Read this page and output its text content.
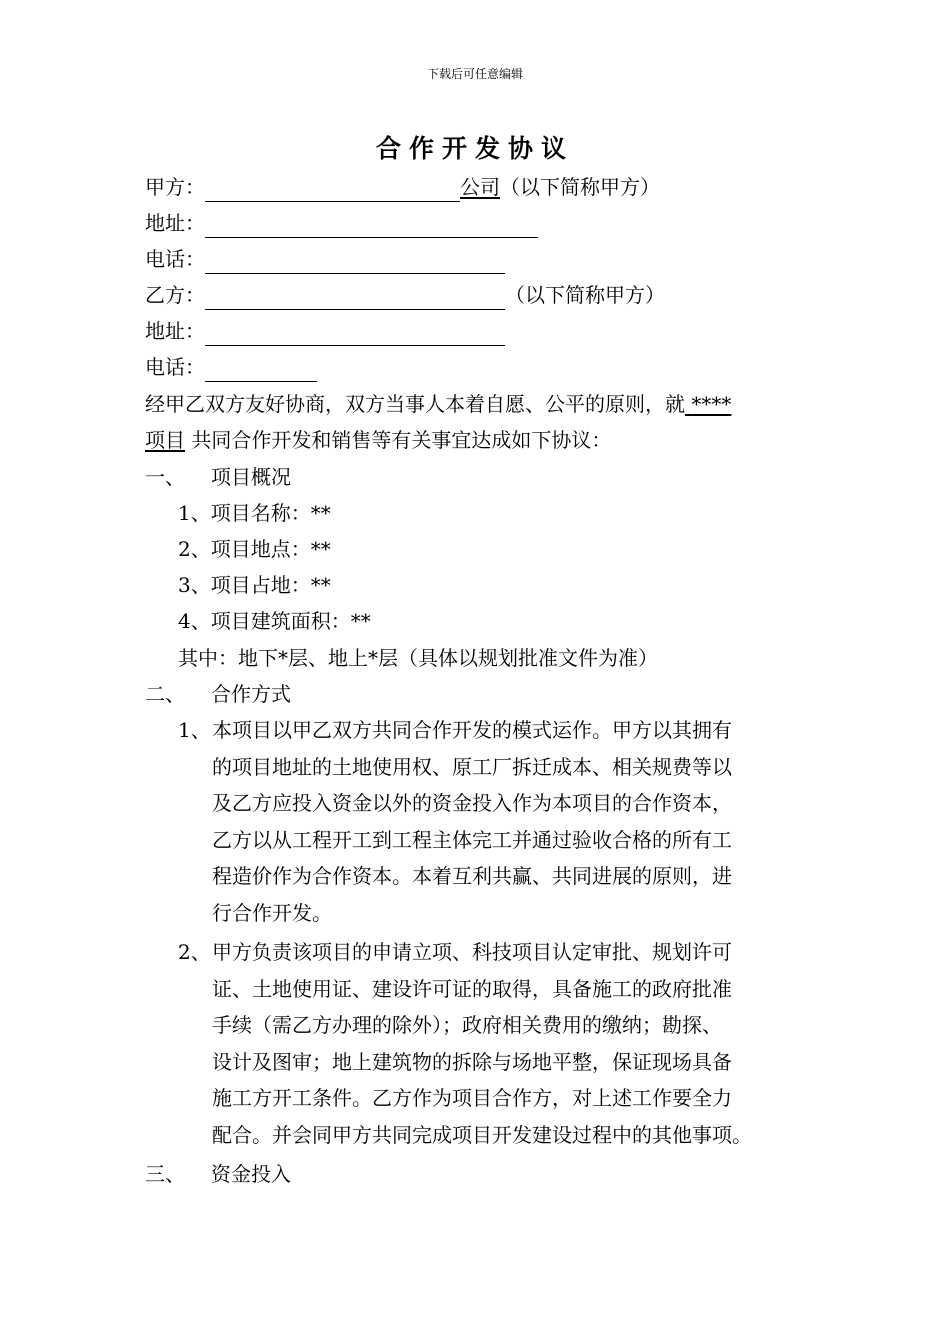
下载后可任意编辑
合作开发协议
甲方：	公司（以下简称甲方）
地址：
电话：
乙方：	（以下简称甲方）
地址：
电话：
经甲乙双方友好协商，双方当事人本着自愿、公平的原则，就 ****
项目 共同合作开发和销售等有关事宜达成如下协议：
一、 项目概况
1、项目名称：**
2、项目地点：**
3、项目占地：**
4、项目建筑面积：**
其中：地下*层、地上*层（具体以规划批准文件为准）
二、 合作方式
1、 本项目以甲乙双方共同合作开发的模式运作。甲方以其拥有
的项目地址的土地使用权、原工厂拆迁成本、相关规费等以
及乙方应投入资金以外的资金投入作为本项目的合作资本，
乙方以从工程开工到工程主体完工并通过验收合格的所有工
程造价作为合作资本。本着互利共赢、共同进展的原则，进
行合作开发。
2、 甲方负责该项目的申请立项、科技项目认定审批、规划许可
证、土地使用证、建设许可证的取得，具备施工的政府批准
手续（需乙方办理的除外）；政府相关费用的缴纳；勘探、
设计及图审；地上建筑物的拆除与场地平整，保证现场具备
施工方开工条件。乙方作为项目合作方，对上述工作要全力
配合。并会同甲方共同完成项目开发建设过程中的其他事项。
三、 资金投入
